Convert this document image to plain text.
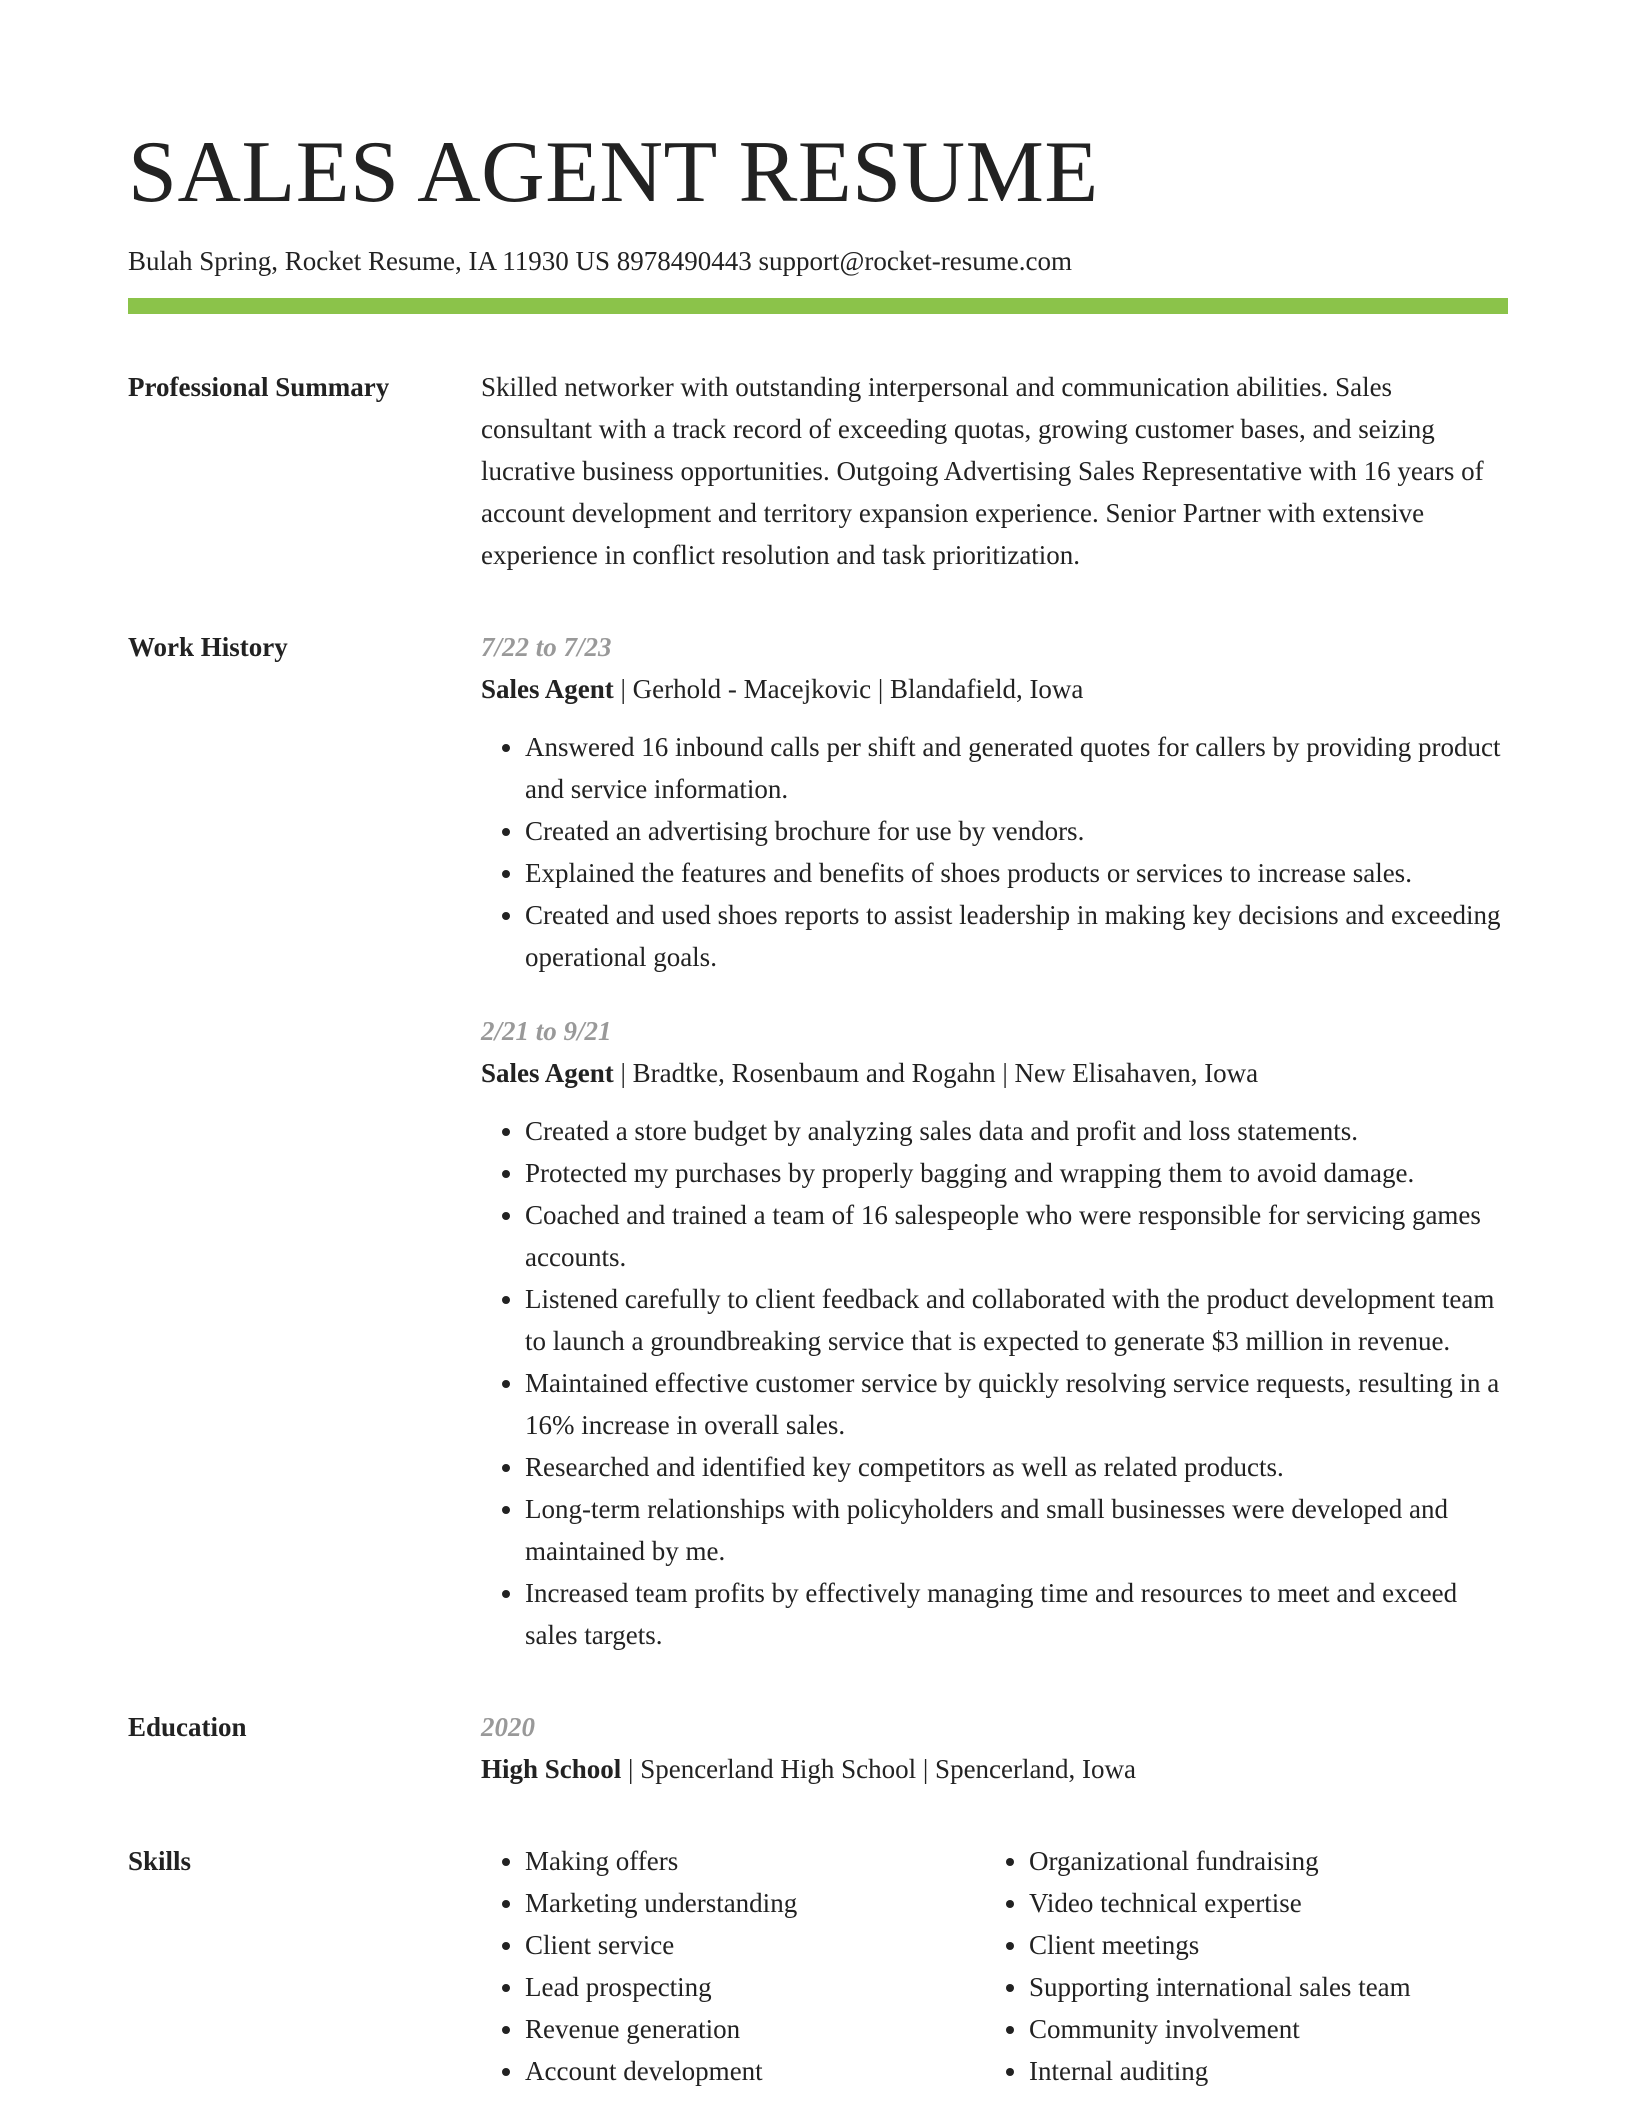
SALES AGENT RESUME
Bulah Spring, Rocket Resume, IA 11930 US 8978490443 support@rocket-resume.com
Professional Summary	Skilled networker with outstanding interpersonal and communication abilities. Sales consultant with a track record of exceeding quotas, growing customer bases, and seizing lucrative business opportunities. Outgoing Advertising Sales Representative with 16 years of account development and territory expansion experience. Senior Partner with extensive experience in conflict resolution and task prioritization.

Work History	7/22 to 7/23
Sales Agent | Gerhold - Macejkovic | Blandafield, Iowa
• Answered 16 inbound calls per shift and generated quotes for callers by providing product and service information.
• Created an advertising brochure for use by vendors.
• Explained the features and benefits of shoes products or services to increase sales.
• Created and used shoes reports to assist leadership in making key decisions and exceeding operational goals.
2/21 to 9/21
Sales Agent | Bradtke, Rosenbaum and Rogahn | New Elisahaven, Iowa
• Created a store budget by analyzing sales data and profit and loss statements.
• Protected my purchases by properly bagging and wrapping them to avoid damage.
• Coached and trained a team of 16 salespeople who were responsible for servicing games accounts.
• Listened carefully to client feedback and collaborated with the product development team to launch a groundbreaking service that is expected to generate $3 million in revenue.
• Maintained effective customer service by quickly resolving service requests, resulting in a 16% increase in overall sales.
• Researched and identified key competitors as well as related products.
• Long-term relationships with policyholders and small businesses were developed and maintained by me.
• Increased team profits by effectively managing time and resources to meet and exceed sales targets.
Education	2020
High School | Spencerland High School | Spencerland, Iowa
Skills
•	Making offers
• Marketing understanding
• Client service
• Lead prospecting
• Revenue generation
• Account development
• Organizational fundraising
• Video technical expertise
• Client meetings
• Supporting international sales team
• Community involvement
• Internal auditing
